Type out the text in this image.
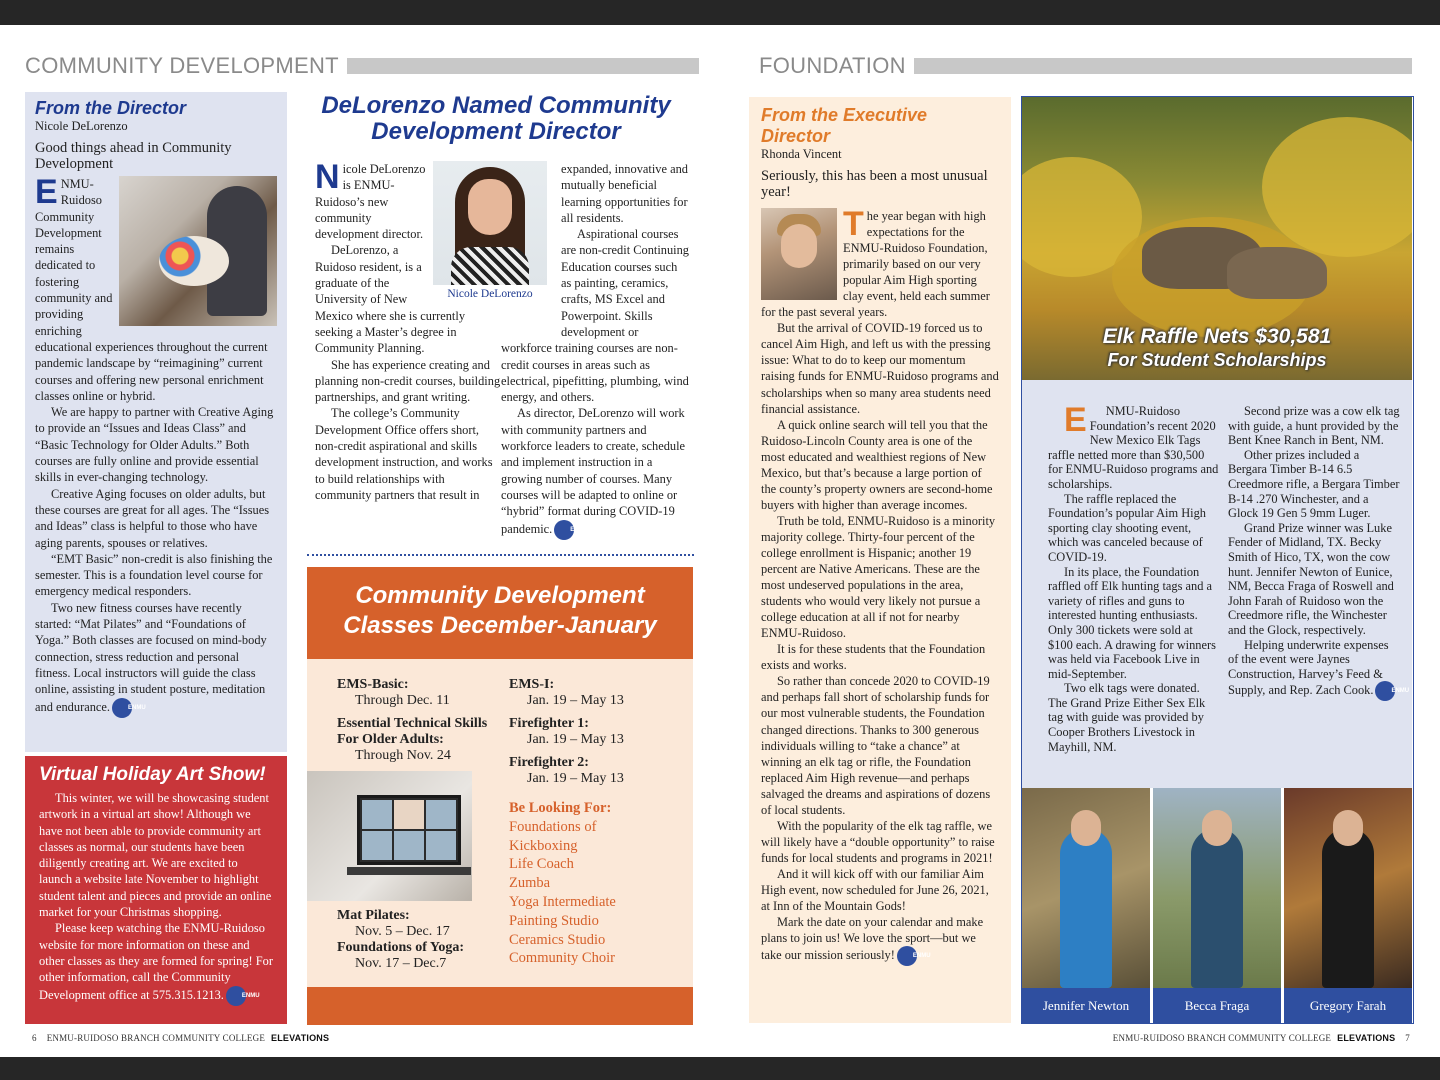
COMMUNITY DEVELOPMENT
From the Director
Nicole DeLorenzo
Good things ahead in Community Development

ENMU-Ruidoso Community Development remains dedicated to fostering community and providing enriching educational experiences throughout the current pandemic landscape by “reimagining” current courses and offering new personal enrichment classes online or hybrid.

We are happy to partner with Creative Aging to provide an “Issues and Ideas Class” and “Basic Technology for Older Adults.” Both courses are fully online and provide essential skills in ever-changing technology.

Creative Aging focuses on older adults, but these courses are great for all ages. The “Issues and Ideas” class is helpful to those who have aging parents, spouses or relatives.

“EMT Basic” non-credit is also finishing the semester. This is a foundation level course for emergency medical responders.

Two new fitness courses have recently started: “Mat Pilates” and “Foundations of Yoga.” Both classes are focused on mind-body connection, stress reduction and personal fitness. Local instructors will guide the class online, assisting in student posture, meditation and endurance.	ENMU

Virtual Holiday Art Show!

This winter, we will be showcasing student artwork in a virtual art show! Although we have not been able to provide community art classes as normal, our students have been diligently creating art. We are excited to launch a website late November to highlight student talent and pieces and provide an online market for your Christmas shopping.

Please keep watching the ENMU-Ruidoso website for more information on these and other classes as they are formed for spring! For other information, call the Community Development office at 575.315.1213.	ENMU

DeLorenzo Named Community Development Director

Nicole DeLorenzo is ENMU-Ruidoso’s new community development director.

DeLorenzo, a Ruidoso resident, is a graduate of the University of New Mexico where she is currently seeking a Master’s degree in Community Planning.

She has experience creating and planning non-credit courses, building partnerships, and grant writing.

The college’s Community Development Office offers short, non-credit aspirational and skills development instruction, and works to build relationships with community partners that result in

expanded, innovative and mutually beneficial learning opportunities for all residents.

Aspirational courses are non-credit Continuing Education courses such as painting, ceramics, crafts, MS Excel and Powerpoint. Skills development or workforce training courses are non-credit courses in areas such as electrical, pipefitting, plumbing, wind energy, and others.

As director, DeLorenzo will work with community partners and workforce leaders to create, schedule and implement instruction in a growing number of courses. Many courses will be adapted to online or “hybrid” format during COVID-19 pandemic.	ENMU

Nicole DeLorenzo
Community Development
Classes December-January
EMS-Basic:
Through Dec. 11
Essential Technical Skills For Older Adults:
Through Nov. 24
EMS-I:
Jan. 19 – May 13
Firefighter 1:
Jan. 19 – May 13
Firefighter 2:
Jan. 19 – May 13
Mat Pilates:
Nov. 5 – Dec. 17
Foundations of Yoga:
Nov. 17 – Dec.7
Be Looking For:
Foundations of
Kickboxing
Life Coach
Zumba
Yoga Intermediate
Painting Studio
Ceramics Studio
Community Choir
6 ENMU-RUIDOSO BRANCH COMMUNITY COLLEGE ELEVATIONS
FOUNDATION
From the Executive Director
Rhonda Vincent
Seriously, this has been a most unusual year!

The year began with high expectations for the ENMU-Ruidoso Foundation, primarily based on our very popular Aim High sporting clay event, held each summer for the past several years.

But the arrival of COVID-19 forced us to cancel Aim High, and left us with the pressing issue: What to do to keep our momentum raising funds for ENMU-Ruidoso programs and scholarships when so many area students need financial assistance.

A quick online search will tell you that the Ruidoso-Lincoln County area is one of the most educated and wealthiest regions of New Mexico, but that’s because a large portion of the county’s property owners are second-home buyers with higher than average incomes.

Truth be told, ENMU-Ruidoso is a minority majority college. Thirty-four percent of the college enrollment is Hispanic; another 19 percent are Native Americans. These are the most undeserved populations in the area, students who would very likely not pursue a college education at all if not for nearby ENMU-Ruidoso.

It is for these students that the Foundation exists and works.

So rather than concede 2020 to COVID-19 and perhaps fall short of scholarship funds for our most vulnerable students, the Foundation changed directions. Thanks to 300 generous individuals willing to “take a chance” at winning an elk tag or rifle, the Foundation replaced Aim High revenue—and perhaps salvaged the dreams and aspirations of dozens of local students.

With the popularity of the elk tag raffle, we will likely have a “double opportunity” to raise funds for local students and programs in 2021!

And it will kick off with our familiar Aim High event, now scheduled for June 26, 2021, at Inn of the Mountain Gods!

Mark the date on your calendar and make plans to join us! We love the sport—but we take our mission seriously!	ENMU

Elk Raffle Nets $30,581
For Student Scholarships

E NMU-Ruidoso Foundation’s recent 2020 New Mexico Elk Tags raffle netted more than $30,500 for ENMU-Ruidoso programs and scholarships.

The raffle replaced the Foundation’s popular Aim High sporting clay shooting event, which was canceled because of COVID-19.

In its place, the Foundation raffled off Elk hunting tags and a variety of rifles and guns to interested hunting enthusiasts. Only 300 tickets were sold at $100 each. A drawing for winners was held via Facebook Live in mid-September.

Two elk tags were donated. The Grand Prize Either Sex Elk tag with guide was provided by Cooper Brothers Livestock in Mayhill, NM.

Second prize was a cow elk tag with guide, a hunt provided by the Bent Knee Ranch in Bent, NM.

Other prizes included a Bergara Timber B-14 6.5 Creedmore rifle, a Bergara Timber B-14 .270 Winchester, and a Glock 19 Gen 5 9mm Luger.

Grand Prize winner was Luke Fender of Midland, TX. Becky Smith of Hico, TX, won the cow hunt. Jennifer Newton of Eunice, NM, Becca Fraga of Roswell and John Farah of Ruidoso won the Creedmore rifle, the Winchester and the Glock, respectively.

Helping underwrite expenses of the event were Jaynes Construction, Harvey’s Feed & Supply, and Rep. Zach Cook.	ENMU

Jennifer Newton	Becca Fraga	Gregory Farah
ENMU-RUIDOSO BRANCH COMMUNITY COLLEGE ELEVATIONS 7
